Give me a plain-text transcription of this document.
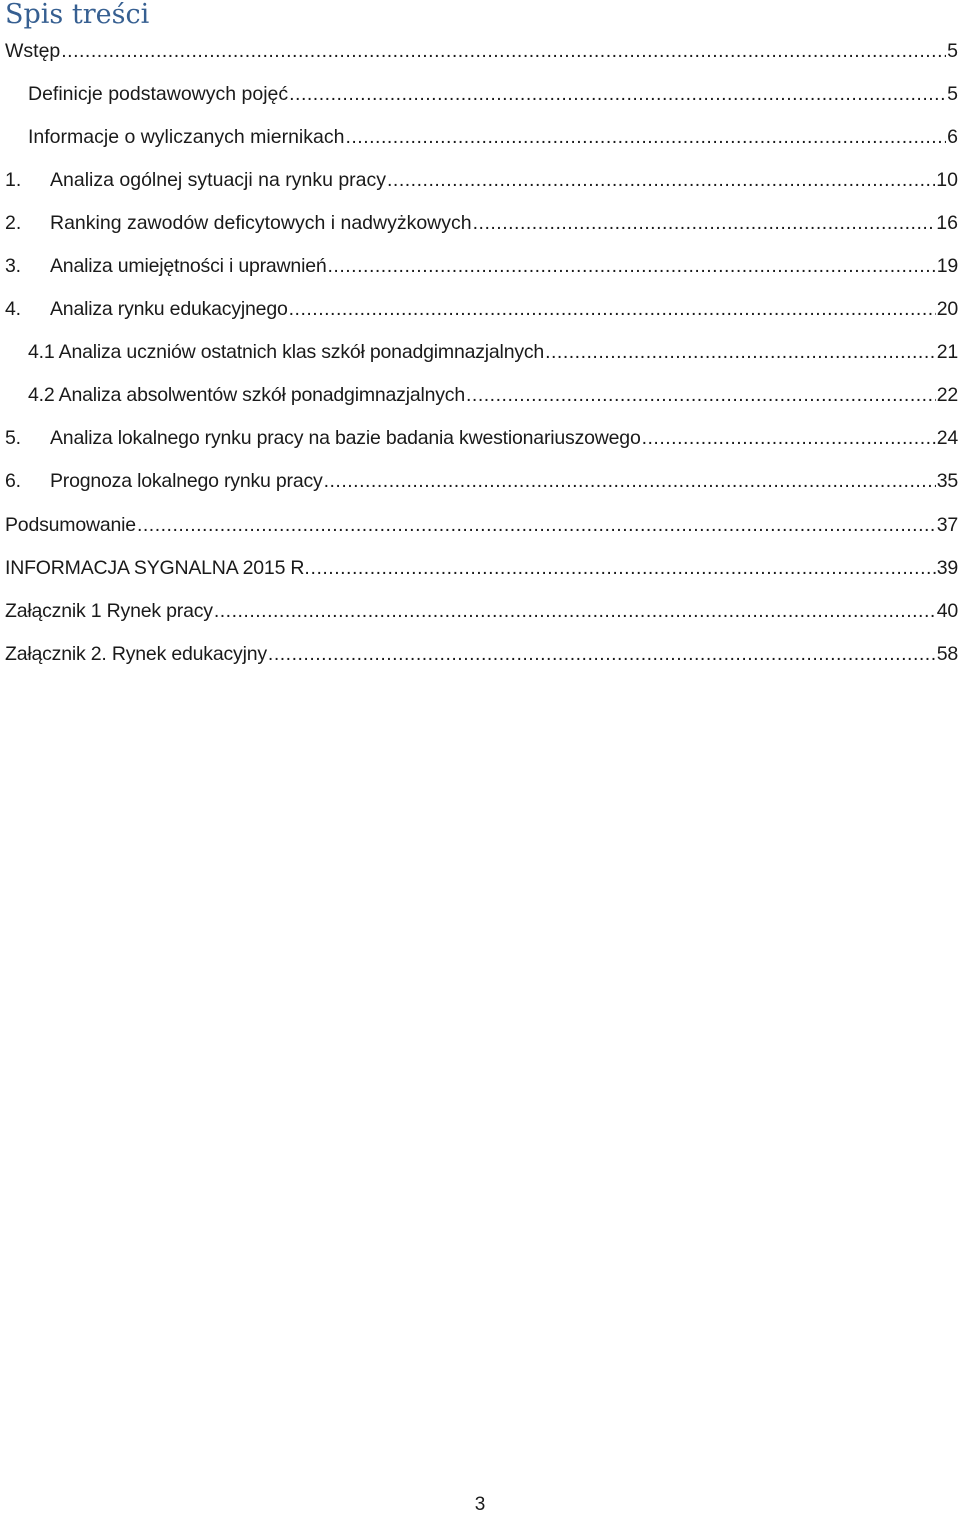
Spis treści
Wstęp .....	5
Definicje podstawowych pojęć .....	5
Informacje o wyliczanych miernikach .....	6
1.	Analiza ogólnej sytuacji na rynku pracy .....	10
2.	Ranking zawodów deficytowych i nadwyżkowych .....	16
3.	Analiza umiejętności i uprawnień .....	19
4.	Analiza rynku edukacyjnego .....	20
4.1 Analiza uczniów ostatnich klas szkół ponadgimnazjalnych .....	21
4.2 Analiza absolwentów szkół ponadgimnazjalnych .....	22
5.	Analiza lokalnego rynku pracy na bazie badania kwestionariuszowego .....	24
6.	Prognoza lokalnego rynku pracy .....	35
Podsumowanie .....	37
INFORMACJA SYGNALNA 2015 R. .....	39
Załącznik 1 Rynek pracy .....	40
Załącznik 2. Rynek edukacyjny .....	58
3
